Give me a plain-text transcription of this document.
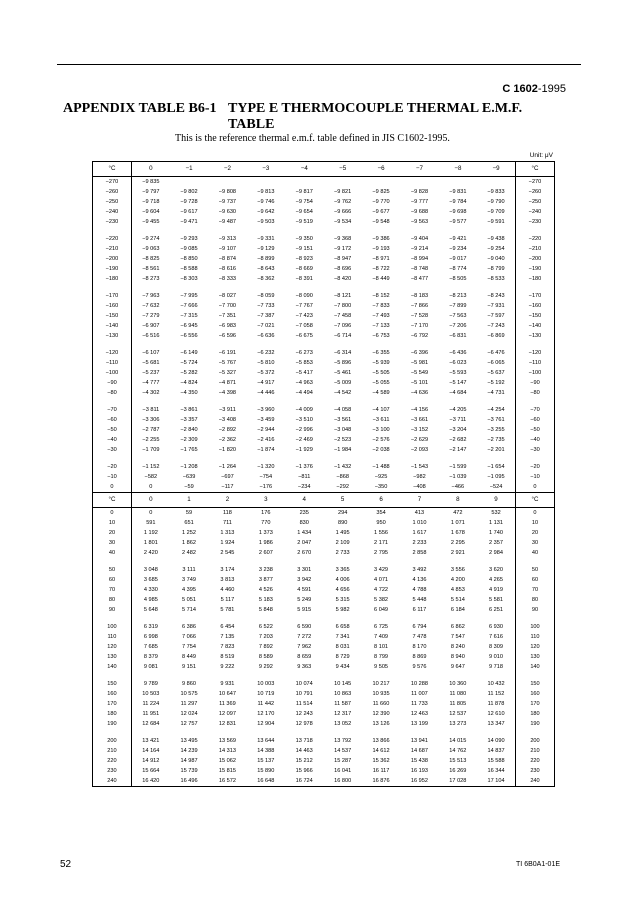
C 1602-1995
APPENDIX TABLE B6-1 TYPE E THERMOCOUPLE THERMAL E.M.F. TABLE
This is the reference thermal e.m.f. table defined in JIS C1602-1995.
Unit: μV
°C	0	−1	−2	−3	−4	−5	−6	−7	−8	−9	°C
−270	−9 835										−270
−260	−9 797	−9 802	−9 808	−9 813	−9 817	−9 821	−9 825	−9 828	−9 831	−9 833	−260
−250	−9 718	−9 728	−9 737	−9 746	−9 754	−9 762	−9 770	−9 777	−9 784	−9 790	−250
−240	−9 604	−9 617	−9 630	−9 642	−9 654	−9 666	−9 677	−9 688	−9 698	−9 709	−240
−230	−9 455	−9 471	−9 487	−9 503	−9 519	−9 534	−9 548	−9 563	−9 577	−9 591	−230

−220	−9 274	−9 293	−9 313	−9 331	−9 350	−9 368	−9 386	−9 404	−9 421	−9 438	−220
−210	−9 063	−9 085	−9 107	−9 129	−9 151	−9 172	−9 193	−9 214	−9 234	−9 254	−210
−200	−8 825	−8 850	−8 874	−8 899	−8 923	−8 947	−8 971	−8 994	−9 017	−9 040	−200
−190	−8 561	−8 588	−8 616	−8 643	−8 669	−8 696	−8 722	−8 748	−8 774	−8 799	−190
−180	−8 273	−8 303	−8 333	−8 362	−8 391	−8 420	−8 449	−8 477	−8 505	−8 533	−180

−170	−7 963	−7 995	−8 027	−8 059	−8 090	−8 121	−8 152	−8 183	−8 213	−8 243	−170
−160	−7 632	−7 666	−7 700	−7 733	−7 767	−7 800	−7 833	−7 866	−7 899	−7 931	−160
−150	−7 279	−7 315	−7 351	−7 387	−7 423	−7 458	−7 493	−7 528	−7 563	−7 597	−150
−140	−6 907	−6 945	−6 983	−7 021	−7 058	−7 096	−7 133	−7 170	−7 206	−7 243	−140
−130	−6 516	−6 556	−6 596	−6 636	−6 675	−6 714	−6 753	−6 792	−6 831	−6 869	−130

−120	−6 107	−6 149	−6 191	−6 232	−6 273	−6 314	−6 355	−6 396	−6 436	−6 476	−120
−110	−5 681	−5 724	−5 767	−5 810	−5 853	−5 896	−5 939	−5 981	−6 023	−6 065	−110
−100	−5 237	−5 282	−5 327	−5 372	−5 417	−5 461	−5 505	−5 549	−5 593	−5 637	−100
−90	−4 777	−4 824	−4 871	−4 917	−4 963	−5 009	−5 055	−5 101	−5 147	−5 192	−90
−80	−4 302	−4 350	−4 398	−4 446	−4 494	−4 542	−4 589	−4 636	−4 684	−4 731	−80

−70	−3 811	−3 861	−3 911	−3 960	−4 009	−4 058	−4 107	−4 156	−4 205	−4 254	−70
−60	−3 306	−3 357	−3 408	−3 459	−3 510	−3 561	−3 611	−3 661	−3 711	−3 761	−60
−50	−2 787	−2 840	−2 892	−2 944	−2 996	−3 048	−3 100	−3 152	−3 204	−3 255	−50
−40	−2 255	−2 309	−2 362	−2 416	−2 469	−2 523	−2 576	−2 629	−2 682	−2 735	−40
−30	−1 709	−1 765	−1 820	−1 874	−1 929	−1 984	−2 038	−2 093	−2 147	−2 201	−30

−20	−1 152	−1 208	−1 264	−1 320	−1 376	−1 432	−1 488	−1 543	−1 599	−1 654	−20
−10	−582	−639	−697	−754	−811	−868	−925	−982	−1 039	−1 095	−10
0	0	−59	−117	−176	−234	−292	−350	−408	−466	−524	0
°C	0	1	2	3	4	5	6	7	8	9	°C
0	0	59	118	176	235	294	354	413	472	532	0
10	591	651	711	770	830	890	950	1 010	1 071	1 131	10
20	1 192	1 252	1 313	1 373	1 434	1 495	1 556	1 617	1 678	1 740	20
30	1 801	1 862	1 924	1 986	2 047	2 109	2 171	2 233	2 295	2 357	30
40	2 420	2 482	2 545	2 607	2 670	2 733	2 795	2 858	2 921	2 984	40

50	3 048	3 111	3 174	3 238	3 301	3 365	3 429	3 492	3 556	3 620	50
60	3 685	3 749	3 813	3 877	3 942	4 006	4 071	4 136	4 200	4 265	60
70	4 330	4 395	4 460	4 526	4 591	4 656	4 722	4 788	4 853	4 919	70
80	4 985	5 051	5 117	5 183	5 249	5 315	5 382	5 448	5 514	5 581	80
90	5 648	5 714	5 781	5 848	5 915	5 982	6 049	6 117	6 184	6 251	90

100	6 319	6 386	6 454	6 522	6 590	6 658	6 725	6 794	6 862	6 930	100
110	6 998	7 066	7 135	7 203	7 272	7 341	7 409	7 478	7 547	7 616	110
120	7 685	7 754	7 823	7 892	7 962	8 031	8 101	8 170	8 240	8 309	120
130	8 379	8 449	8 519	8 589	8 659	8 729	8 799	8 869	8 940	9 010	130
140	9 081	9 151	9 222	9 292	9 363	9 434	9 505	9 576	9 647	9 718	140

150	9 789	9 860	9 931	10 003	10 074	10 145	10 217	10 288	10 360	10 432	150
160	10 503	10 575	10 647	10 719	10 791	10 863	10 935	11 007	11 080	11 152	160
170	11 224	11 297	11 369	11 442	11 514	11 587	11 660	11 733	11 805	11 878	170
180	11 951	12 024	12 097	12 170	12 243	12 317	12 390	12 463	12 537	12 610	180
190	12 684	12 757	12 831	12 904	12 978	13 052	13 126	13 199	13 273	13 347	190

200	13 421	13 495	13 569	13 644	13 718	13 792	13 866	13 941	14 015	14 090	200
210	14 164	14 239	14 313	14 388	14 463	14 537	14 612	14 687	14 762	14 837	210
220	14 912	14 987	15 062	15 137	15 212	15 287	15 362	15 438	15 513	15 588	220
230	15 664	15 739	15 815	15 890	15 966	16 041	16 117	16 193	16 269	16 344	230
240	16 420	16 496	16 572	16 648	16 724	16 800	16 876	16 952	17 028	17 104	240
52	TI 6B0A1-01E
